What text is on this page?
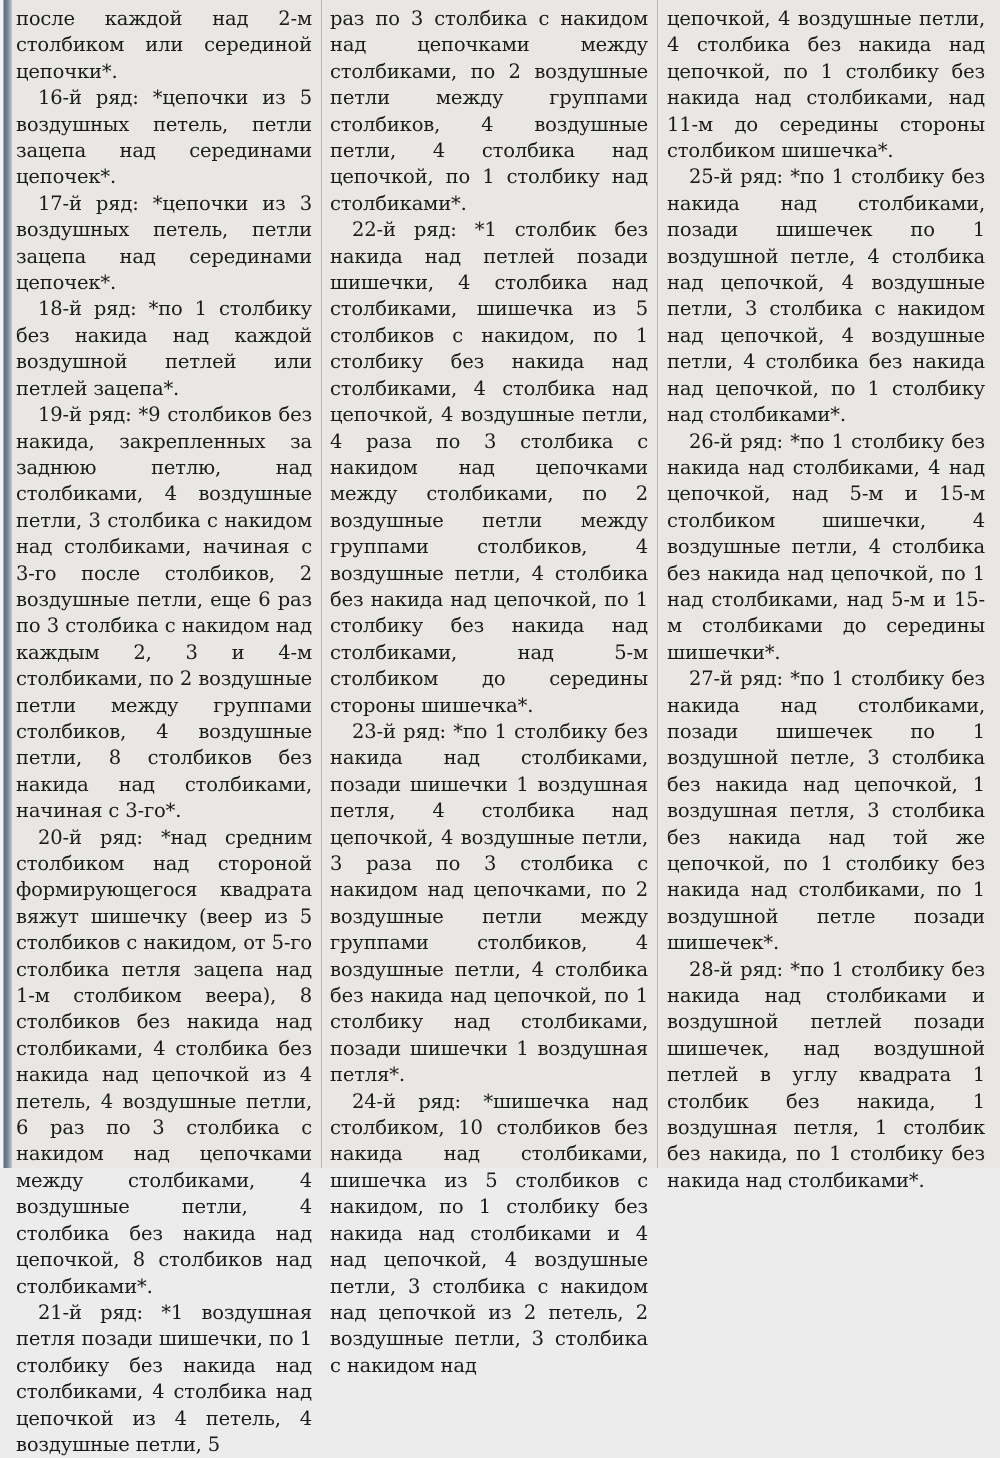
после каждой над 2-м столбиком или серединой цепочки*.

16-й ряд: *цепочки из 5 воздушных петель, петли зацепа над серединами цепочек*.

17-й ряд: *цепочки из 3 воздушных петель, петли зацепа над серединами цепочек*.

18-й ряд: *по 1 столбику без накида над каждой воздушной петлей или петлей зацепа*.

19-й ряд: *9 столбиков без накида, закрепленных за заднюю петлю, над столбиками, 4 воздушные петли, 3 столбика с накидом над столбиками, начиная с 3-го после столбиков, 2 воздушные петли, еще 6 раз по 3 столбика с накидом над каждым 2, 3 и 4-м столбиками, по 2 воздушные петли между группами столбиков, 4 воздушные петли, 8 столбиков без накида над столбиками, начиная с 3-го*.

20-й ряд: *над средним столбиком над стороной формирующегося квадрата вяжут шишечку (веер из 5 столбиков с накидом, от 5-го столбика петля зацепа над 1-м столбиком веера), 8 столбиков без накида над столбиками, 4 столбика без накида над цепочкой из 4 петель, 4 воздушные петли, 6 раз по 3 столбика с накидом над цепочками между столбиками, 4 воздушные петли, 4 столбика без накида над цепочкой, 8 столбиков над столбиками*.

21-й ряд: *1 воздушная петля позади шишечки, по 1 столбику без накида над столбиками, 4 столбика над цепочкой из 4 петель, 4 воздушные петли, 5

раз по 3 столбика с накидом над цепочками между столбиками, по 2 воздушные петли между группами столбиков, 4 воздушные петли, 4 столбика над цепочкой, по 1 столбику над столбиками*.

22-й ряд: *1 столбик без накида над петлей позади шишечки, 4 столбика над столбиками, шишечка из 5 столбиков с накидом, по 1 столбику без накида над столбиками, 4 столбика над цепочкой, 4 воздушные петли, 4 раза по 3 столбика с накидом над цепочками между столбиками, по 2 воздушные петли между группами столбиков, 4 воздушные петли, 4 столбика без накида над цепочкой, по 1 столбику без накида над столбиками, над 5-м столбиком до середины стороны шишечка*.

23-й ряд: *по 1 столбику без накида над столбиками, позади шишечки 1 воздушная петля, 4 столбика над цепочкой, 4 воздушные петли, 3 раза по 3 столбика с накидом над цепочками, по 2 воздушные петли между группами столбиков, 4 воздушные петли, 4 столбика без накида над цепочкой, по 1 столбику над столбиками, позади шишечки 1 воздушная петля*.

24-й ряд: *шишечка над столбиком, 10 столбиков без накида над столбиками, шишечка из 5 столбиков с накидом, по 1 столбику без накида над столбиками и 4 над цепочкой, 4 воздушные петли, 3 столбика с накидом над цепочкой из 2 петель, 2 воздушные петли, 3 столбика с накидом над

цепочкой, 4 воздушные петли, 4 столбика без накида над цепочкой, по 1 столбику без накида над столбиками, над 11-м до середины стороны столбиком шишечка*.

25-й ряд: *по 1 столбику без накида над столбиками, позади шишечек по 1 воздушной петле, 4 столбика над цепочкой, 4 воздушные петли, 3 столбика с накидом над цепочкой, 4 воздушные петли, 4 столбика без накида над цепочкой, по 1 столбику над столбиками*.

26-й ряд: *по 1 столбику без накида над столбиками, 4 над цепочкой, над 5-м и 15-м столбиком шишечки, 4 воздушные петли, 4 столбика без накида над цепочкой, по 1 над столбиками, над 5-м и 15-м столбиками до середины шишечки*.

27-й ряд: *по 1 столбику без накида над столбиками, позади шишечек по 1 воздушной петле, 3 столбика без накида над цепочкой, 1 воздушная петля, 3 столбика без накида над той же цепочкой, по 1 столбику без накида над столбиками, по 1 воздушной петле позади шишечек*.

28-й ряд: *по 1 столбику без накида над столбиками и воздушной петлей позади шишечек, над воздушной петлей в углу квадрата 1 столбик без накида, 1 воздушная петля, 1 столбик без накида, по 1 столбику без накида над столбиками*.
